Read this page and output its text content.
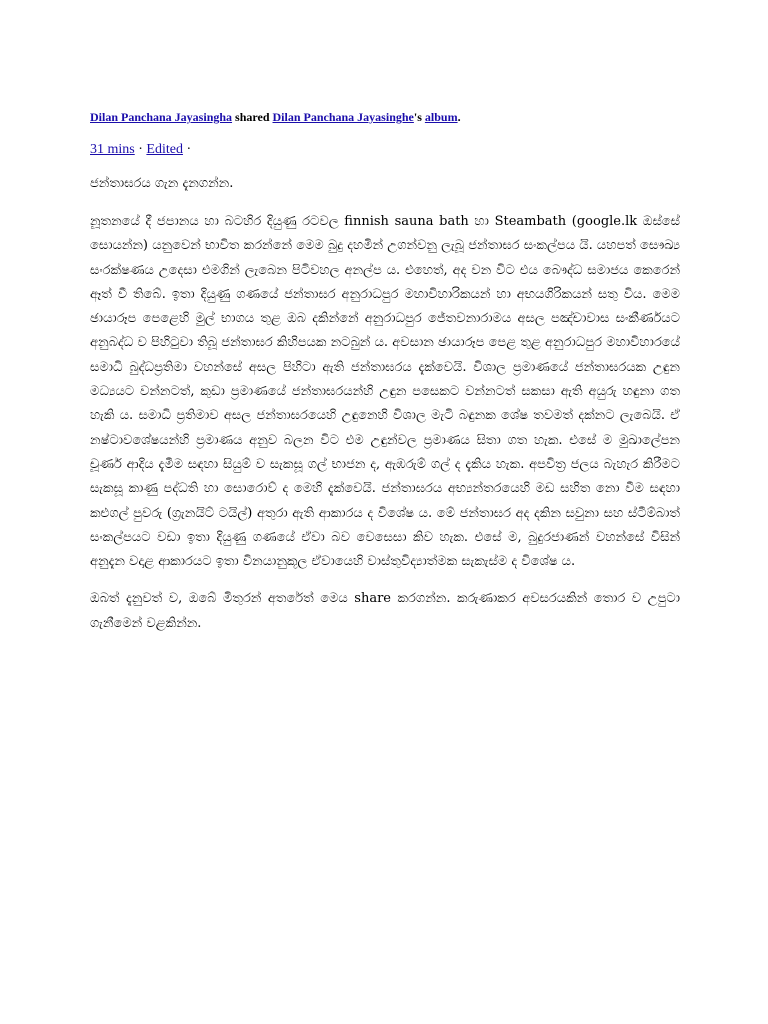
Dilan Panchana Jayasingha shared Dilan Panchana Jayasinghe's album.
31 mins · Edited ·
ජන්තාඝරය ගැන දැනගන්න.

නූතනයේ දී ජපානය හා බටහිර දියුණු රටවල finnish sauna bath හා Steambath (google.lk ඔස්සේ සොයන්න) යනුවෙන් භාවිත කරන්නේ මෙම බුදු දහමින් උගන්වනු ලැබූ ජන්තාඝර සංකල්පය යි. යහපත් සෞඛ්‍ය සංරක්ෂණය උදෙසා එමගින් ලැබෙන පිටිවහල අනල්ප ය. එහෙත්, අද වන විට එය බෞද්ධ සමාජය කෙරෙන් ඈත් වී තිබේ. ඉතා දියුණු ගණයේ ජන්තාඝර අනුරාධපුර මහාවිහාරිකයන් හා අභයගිරිකයන් සතු විය. මෙම ඡායාරූප පෙළෙහි මුල් භාගය තුළ ඔබ දකින්නේ අනුරාධපුර ජේතවනාරාමය අසල පඤ්චාවාස සංකීර්ණයට අනුබද්ධ ව පිහිටුවා තිබූ ජන්තාඝර කිහිපයක නටබුන් ය. අවසාන ඡායාරූප පෙළ තුළ අනුරාධපුර මහාවිහාරයේ සමාධි බුද්ධප්‍රතිමා වහන්සේ අසල පිහිටා ඇති ජන්තාඝරය දැක්වෙයි. විශාල ප්‍රමාණයේ ජන්තාඝරයක උඳුන මධ්‍යයට වන්නටත්, කුඩා ප්‍රමාණයේ ජන්තාඝරයන්හි උඳුන පසෙකට වන්නටත් සකසා ඇති අයුරු හඳුනා ගත හැකි ය. සමාධි ප්‍රතිමාව අසල ජන්තාඝරයෙහි උඳුනෙහි විශාල මැටි බඳුනක ශේෂ තවමත් දක්නට ලැබෙයි. ඒ නෂ්ටාවශේෂයන්හි ප්‍රමාණය අනුව බලන විට එම උඳුන්වල ප්‍රමාණය සිතා ගත හැක. එසේ ම මුඛාලේපන චූර්ණ ආදිය දැමීම සඳහා සියුම් ව සැකසූ ගල් භාජන ද, ඇඹරුම් ගල් ද දැකිය හැක. අපවිත්‍ර ජලය බැහැර කිරීමට සැකසූ කාණු පද්ධති හා සොරොව් ද මෙහි දැක්වෙයි. ජන්තාඝරය අභ්‍යන්තරයෙහි මඩ සහිත නො වීම සඳහා කළුගල් පුවරු (ග්‍රැනයිට් ටයිල්) අතුරා ඇති ආකාරය ද විශේෂ ය. මේ ජන්තාඝර අද දකින සවුනා සහ ස්ටීම්බාත් සංකල්පයට වඩා ඉතා දියුණු ගණයේ ඒවා බව වෙසෙසා කිව හැක. එසේ ම, බුදුරජාණන් වහන්සේ විසින් අනුදැන වදාළ ආකාරයට ඉතා විනයානුකූල ඒවායෙහි වාස්තුවිද්‍යාත්මක සැකැස්ම ද විශේෂ ය.

ඔබත් දැනුවත් ව, ඔබේ මිතුරන් අතරේත් මෙය share කරගන්න. කරුණාකර අවසරයකින් තොර ව උපුටා ගැනීමෙන් වළකින්න.
